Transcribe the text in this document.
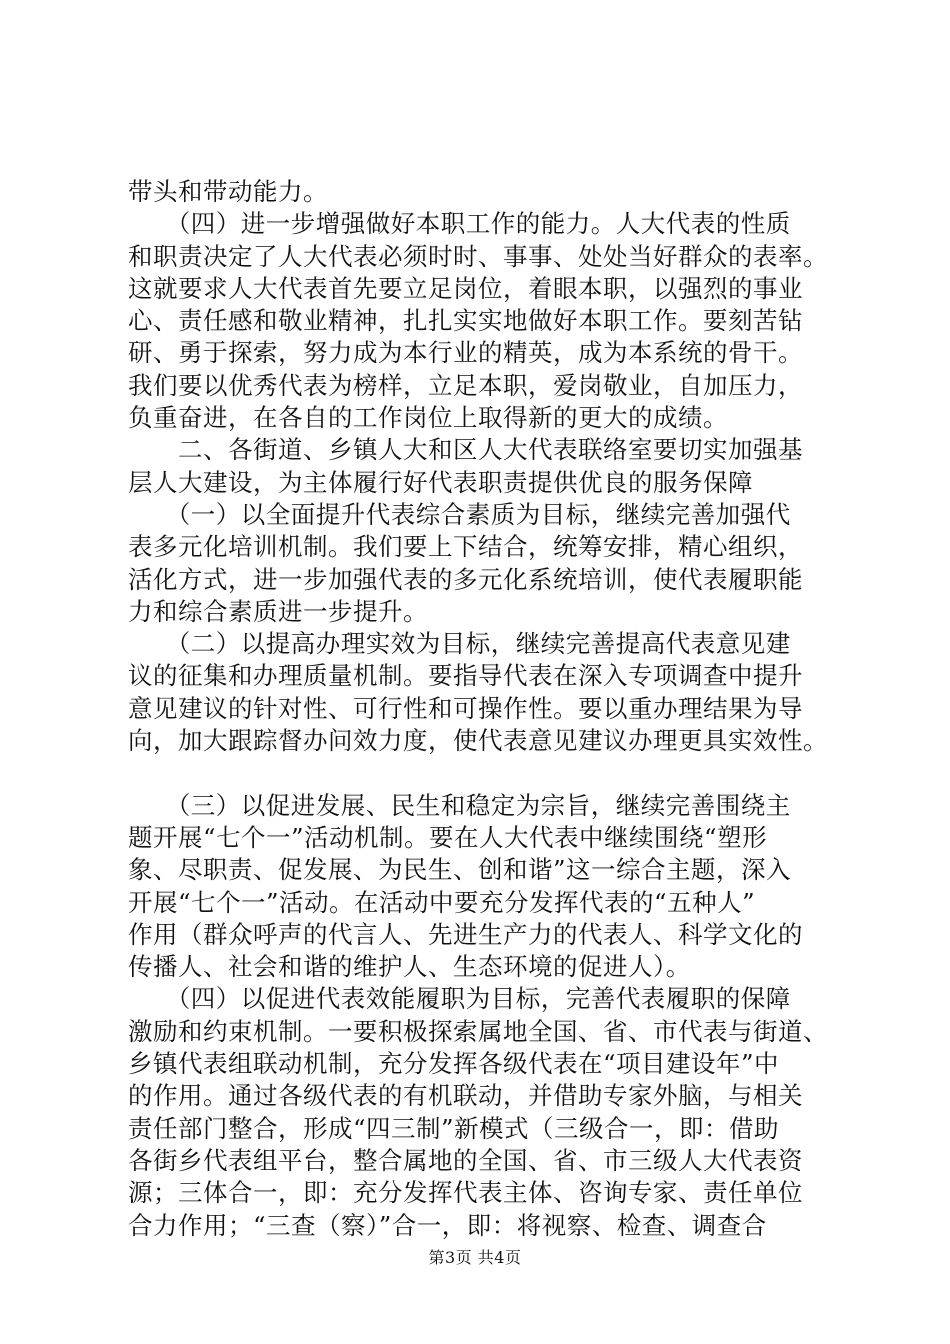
带头和带动能力。

　　（四）进一步增强做好本职工作的能力。人大代表的性质

和职责决定了人大代表必须时时、事事、处处当好群众的表率。

这就要求人大代表首先要立足岗位，着眼本职，以强烈的事业

心、责任感和敬业精神，扎扎实实地做好本职工作。要刻苦钻

研、勇于探索，努力成为本行业的精英，成为本系统的骨干。

我们要以优秀代表为榜样，立足本职，爱岗敬业，自加压力，

负重奋进，在各自的工作岗位上取得新的更大的成绩。

　　二、各街道、乡镇人大和区人大代表联络室要切实加强基

层人大建设，为主体履行好代表职责提供优良的服务保障

　　（一）以全面提升代表综合素质为目标，继续完善加强代

表多元化培训机制。我们要上下结合，统筹安排，精心组织，

活化方式，进一步加强代表的多元化系统培训，使代表履职能

力和综合素质进一步提升。

　　（二）以提高办理实效为目标，继续完善提高代表意见建

议的征集和办理质量机制。要指导代表在深入专项调查中提升

意见建议的针对性、可行性和可操作性。要以重办理结果为导

向，加大跟踪督办问效力度，使代表意见建议办理更具实效性。

　　（三）以促进发展、民生和稳定为宗旨，继续完善围绕主

题开展“七个一”活动机制。要在人大代表中继续围绕“塑形

象、尽职责、促发展、为民生、创和谐”这一综合主题，深入

开展“七个一”活动。在活动中要充分发挥代表的“五种人”

作用（群众呼声的代言人、先进生产力的代表人、科学文化的

传播人、社会和谐的维护人、生态环境的促进人）。

　　（四）以促进代表效能履职为目标，完善代表履职的保障

激励和约束机制。一要积极探索属地全国、省、市代表与街道、

乡镇代表组联动机制，充分发挥各级代表在“项目建设年”中

的作用。通过各级代表的有机联动，并借助专家外脑，与相关

责任部门整合，形成“四三制”新模式（三级合一，即：借助

各街乡代表组平台，整合属地的全国、省、市三级人大代表资

源；三体合一，即：充分发挥代表主体、咨询专家、责任单位

合力作用；“三查（察）”合一，即：将视察、检查、调查合

第3页 共4页
